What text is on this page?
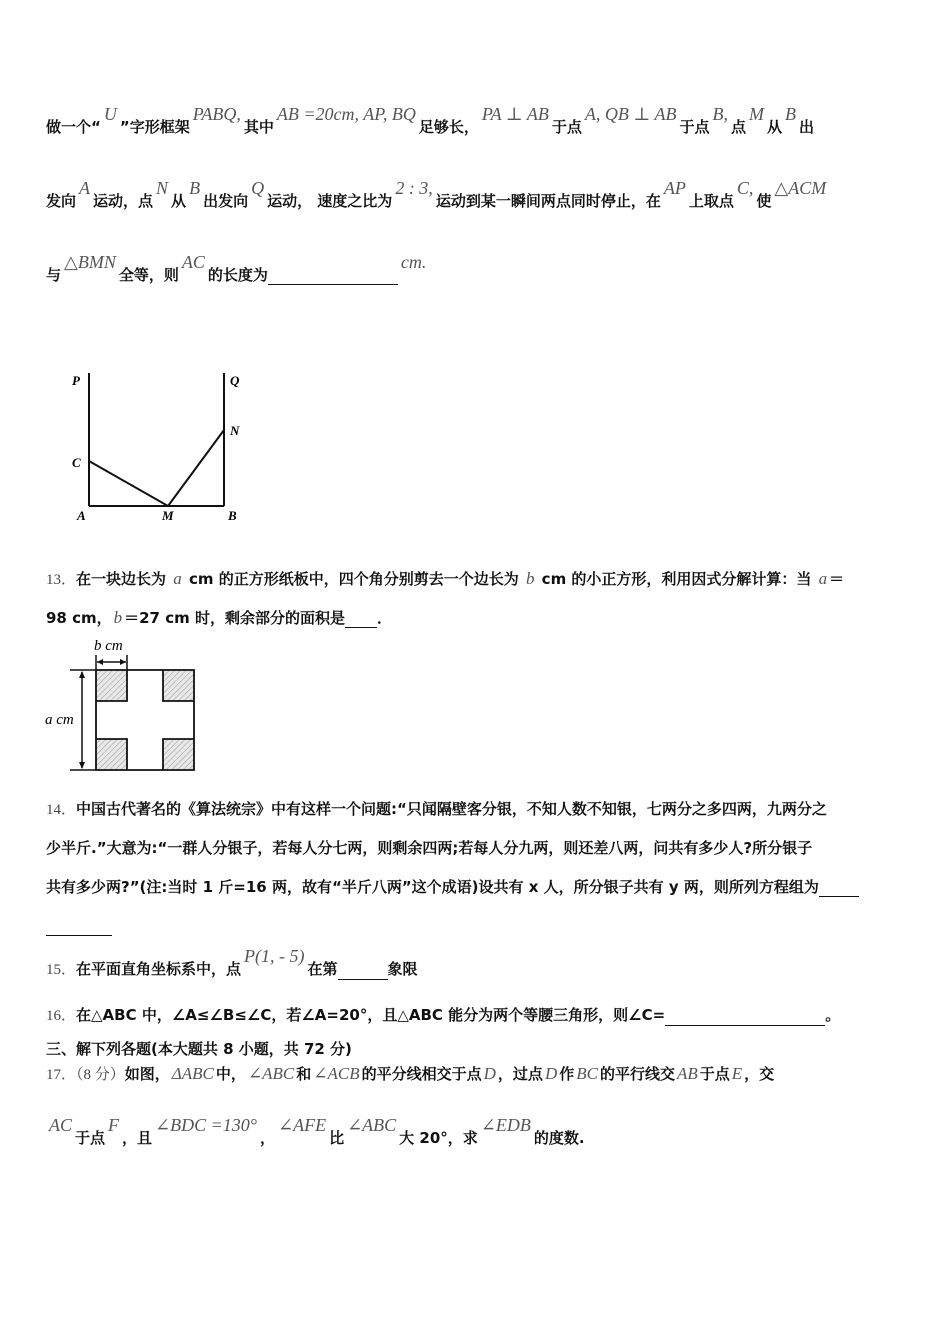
做一个“U”字形框架PABQ,其中AB =20cm, AP, BQ足够长，PA ⊥ AB于点A, QB ⊥ AB于点B,点M从B出
发向A运动，点N从B出发向Q运动， 速度之比为2 : 3,运动到某一瞬间两点同时停止，在AP上取点C,使△ACM
与△BMN全等，则AC的长度为cm.
P	Q
N
C
A	M	B
13．在一块边长为 a cm 的正方形纸板中，四个角分别剪去一个边长为 b cm 的小正方形，利用因式分解计算：当 a ＝
98 cm， b ＝27 cm 时，剩余部分的面积是 ．
b cm
a cm
14．中国古代著名的《算法统宗》中有这样一个问题:“只闻隔壁客分银，不知人数不知银，七两分之多四两，九两分之
少半斤.”大意为:“一群人分银子，若每人分七两，则剩余四两;若每人分九两，则还差八两，问共有多少人?所分银子
共有多少两?”(注:当时 1 斤=16 两，故有“半斤八两”这个成语)设共有 x 人，所分银子共有 y 两，则所列方程组为
15．在平面直角坐标系中，点P(1, - 5)在第	象限
16．在△ABC 中，∠A≤∠B≤∠C，若∠A=20°，且△ABC 能分为两个等腰三角形，则∠C=	。
三、解下列各题(本大题共 8 小题，共 72 分)
17．（8 分）如图， ΔABC 中， ∠ABC 和 ∠ACB 的平分线相交于点 D ，过点 D 作 BC 的平行线交 AB 于点 E ，交
AC于点F，且∠BDC =130°，∠AFE比∠ABC大 20°，求∠EDB的度数.
